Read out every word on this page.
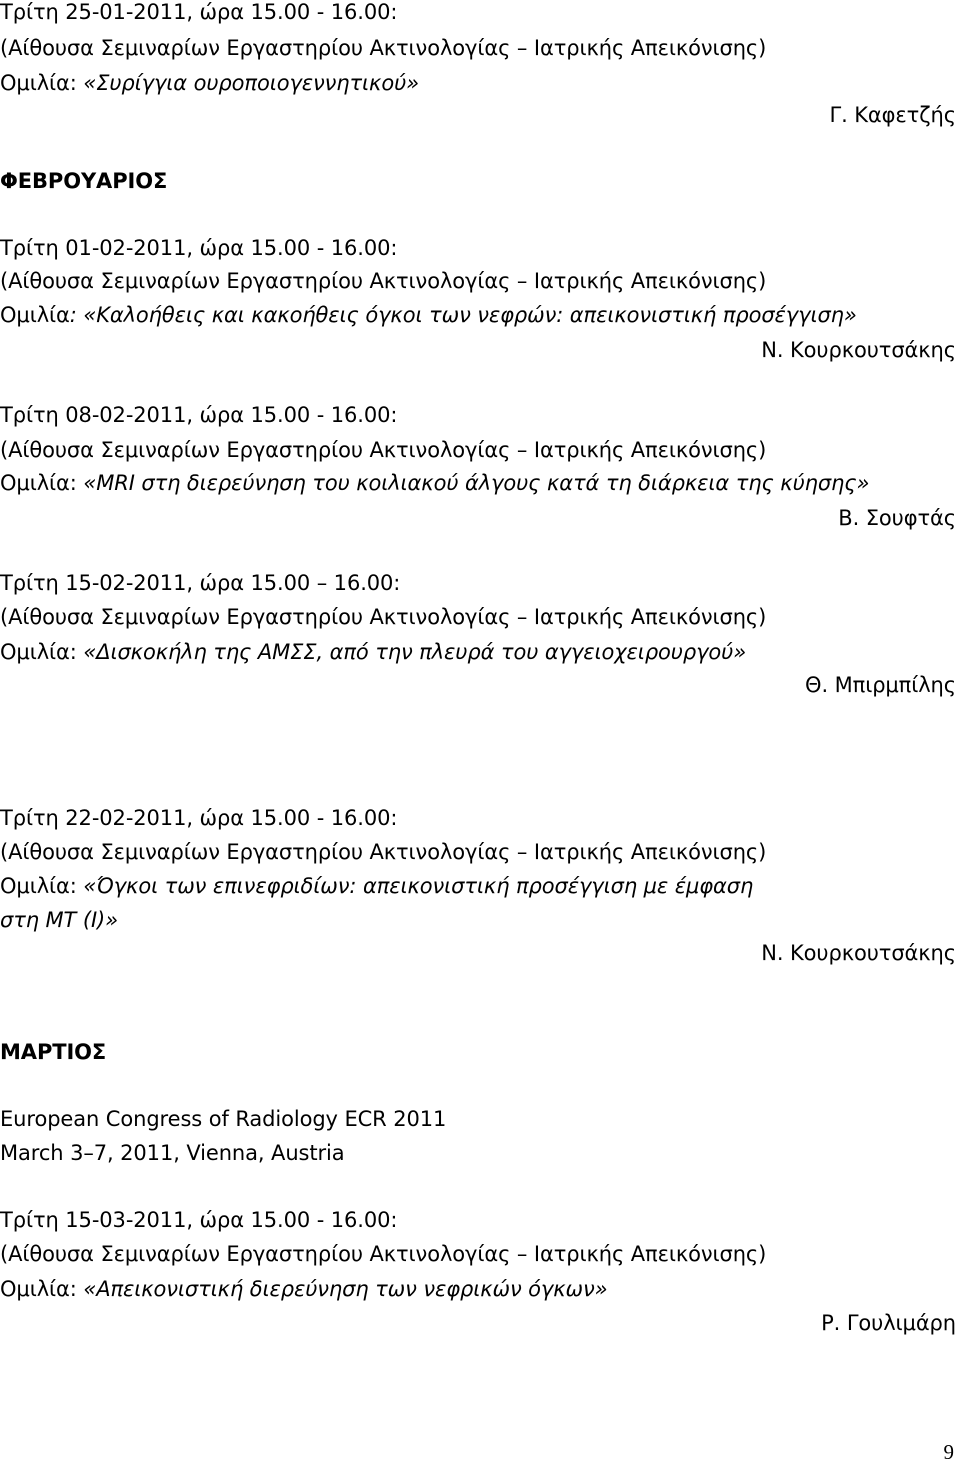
Τρίτη 25-01-2011, ώρα 15.00 - 16.00:
(Αίθουσα Σεμιναρίων Εργαστηρίου Ακτινολογίας – Ιατρικής Απεικόνισης)
Ομιλία: «Συρίγγια ουροποιογεννητικού»
Γ. Καφετζής
ΦΕΒΡΟΥΑΡΙΟΣ
Τρίτη 01-02-2011, ώρα 15.00 - 16.00:
(Αίθουσα Σεμιναρίων Εργαστηρίου Ακτινολογίας – Ιατρικής Απεικόνισης)
Ομιλία: «Καλοήθεις και κακοήθεις όγκοι των νεφρών: απεικονιστική προσέγγιση»
Ν. Κουρκουτσάκης
Τρίτη 08-02-2011, ώρα 15.00 - 16.00:
(Αίθουσα Σεμιναρίων Εργαστηρίου Ακτινολογίας – Ιατρικής Απεικόνισης)
Ομιλία: «MRI στη διερεύνηση του κοιλιακού άλγους κατά τη διάρκεια της κύησης»
Β. Σουφτάς
Τρίτη 15-02-2011, ώρα 15.00 – 16.00:
(Αίθουσα Σεμιναρίων Εργαστηρίου Ακτινολογίας – Ιατρικής Απεικόνισης)
Ομιλία: «Δισκοκήλη της ΑΜΣΣ, από την πλευρά του αγγειοχειρουργού»
Θ. Μπιρμπίλης
Τρίτη 22-02-2011, ώρα 15.00 - 16.00:
(Αίθουσα Σεμιναρίων Εργαστηρίου Ακτινολογίας – Ιατρικής Απεικόνισης)
Ομιλία: «Όγκοι των επινεφριδίων: απεικονιστική προσέγγιση με έμφαση
στη ΜΤ (Ι)»
Ν. Κουρκουτσάκης
ΜΑΡΤΙΟΣ
European Congress of Radiology ECR 2011
March 3–7, 2011, Vienna, Austria
Τρίτη 15-03-2011, ώρα 15.00 - 16.00:
(Αίθουσα Σεμιναρίων Εργαστηρίου Ακτινολογίας – Ιατρικής Απεικόνισης)
Ομιλία: «Απεικονιστική διερεύνηση των νεφρικών όγκων»
Ρ. Γουλιμάρη
9
